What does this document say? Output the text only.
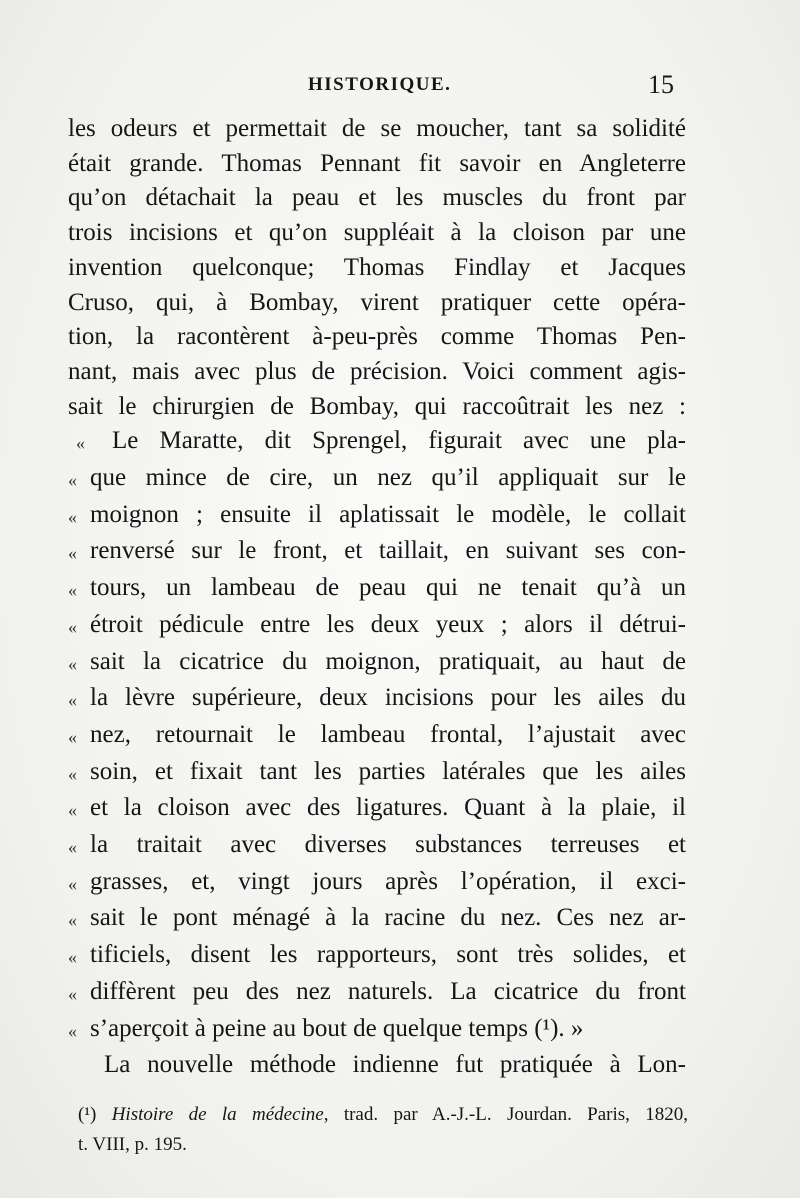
HISTORIQUE.	15
les odeurs et permettait de se moucher, tant sa solidité
était grande. Thomas Pennant fit savoir en Angleterre
qu’on détachait la peau et les muscles du front par
trois incisions et qu’on suppléait à la cloison par une
invention quelconque; Thomas Findlay et Jacques
Cruso, qui, à Bombay, virent pratiquer cette opéra-
tion, la racontèrent à-peu-près comme Thomas Pen-
nant, mais avec plus de précision. Voici comment agis-
sait le chirurgien de Bombay, qui raccoûtrait les nez :
«	Le Maratte, dit Sprengel, figurait avec une pla-
« que mince de cire, un nez qu’il appliquait sur le
« moignon ; ensuite il aplatissait le modèle, le collait
« renversé sur le front, et taillait, en suivant ses con-
« tours, un lambeau de peau qui ne tenait qu’à un
« étroit pédicule entre les deux yeux ; alors il détrui-
« sait la cicatrice du moignon, pratiquait, au haut de
« la lèvre supérieure, deux incisions pour les ailes du
« nez, retournait le lambeau frontal, l’ajustait avec
« soin, et fixait tant les parties latérales que les ailes
« et la cloison avec des ligatures. Quant à la plaie, il
« la traitait avec diverses substances terreuses et
« grasses, et, vingt jours après l’opération, il exci-
« sait le pont ménagé à la racine du nez. Ces nez ar-
« tificiels, disent les rapporteurs, sont très solides, et
« diffèrent peu des nez naturels. La cicatrice du front
« s’aperçoit à peine au bout de quelque temps (¹). »
La nouvelle méthode indienne fut pratiquée à Lon-
(¹) Histoire de la médecine, trad. par A.-J.-L. Jourdan. Paris, 1820,
t. VIII, p. 195.
